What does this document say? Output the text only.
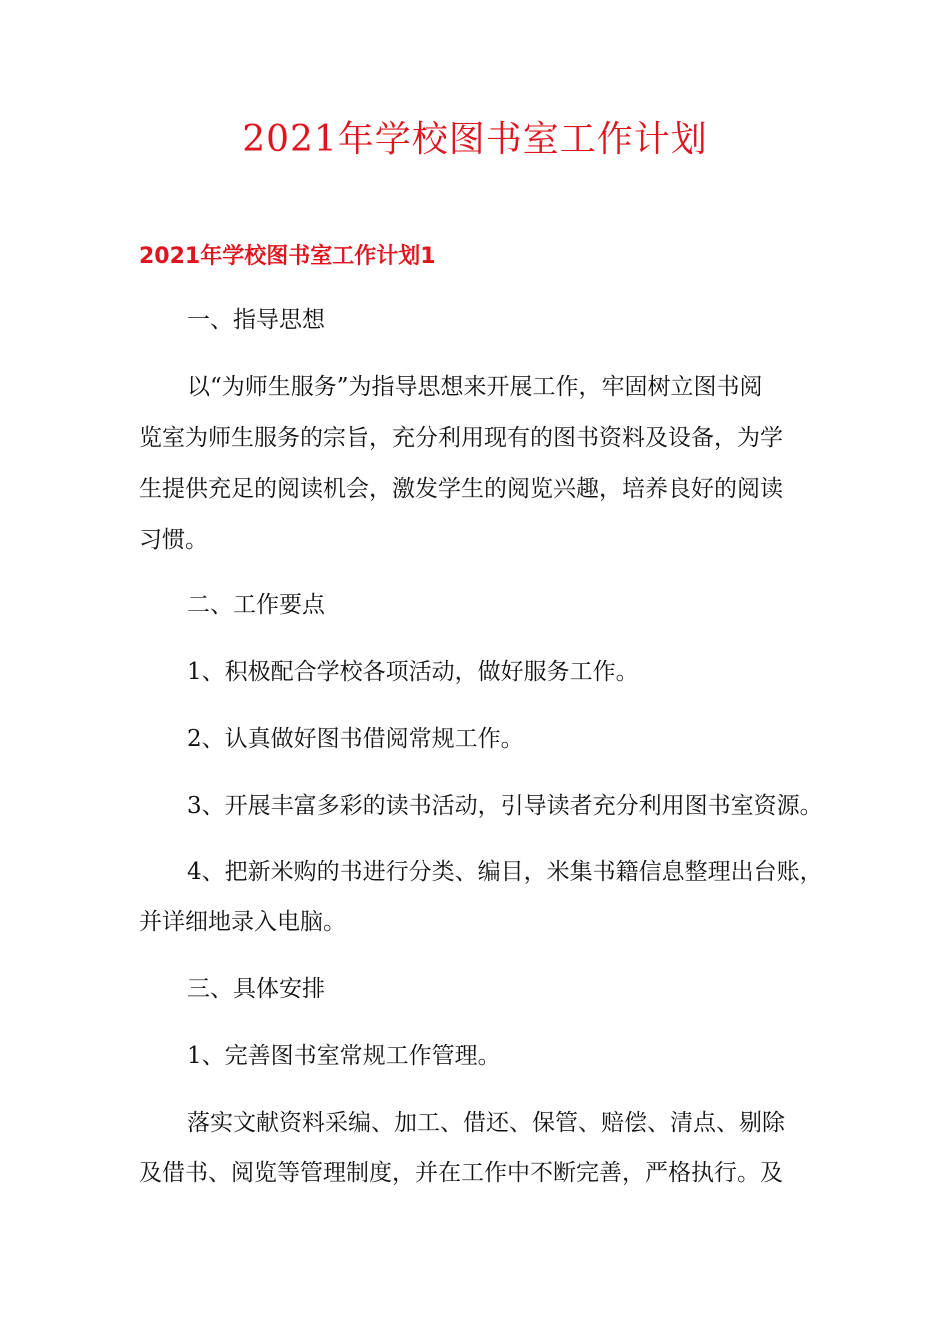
2021年学校图书室工作计划
2021年学校图书室工作计划1
一、指导思想
以“为师生服务”为指导思想来开展工作，牢固树立图书阅
览室为师生服务的宗旨，充分利用现有的图书资料及设备，为学
生提供充足的阅读机会，激发学生的阅览兴趣，培养良好的阅读
习惯。
二、工作要点
1、积极配合学校各项活动，做好服务工作。
2、认真做好图书借阅常规工作。
3、开展丰富多彩的读书活动，引导读者充分利用图书室资源。
4、把新米购的书进行分类、编目，米集书籍信息整理出台账，
并详细地录入电脑。
三、具体安排
1、完善图书室常规工作管理。
落实文献资料采编、加工、借还、保管、赔偿、清点、剔除
及借书、阅览等管理制度，并在工作中不断完善，严格执行。及
